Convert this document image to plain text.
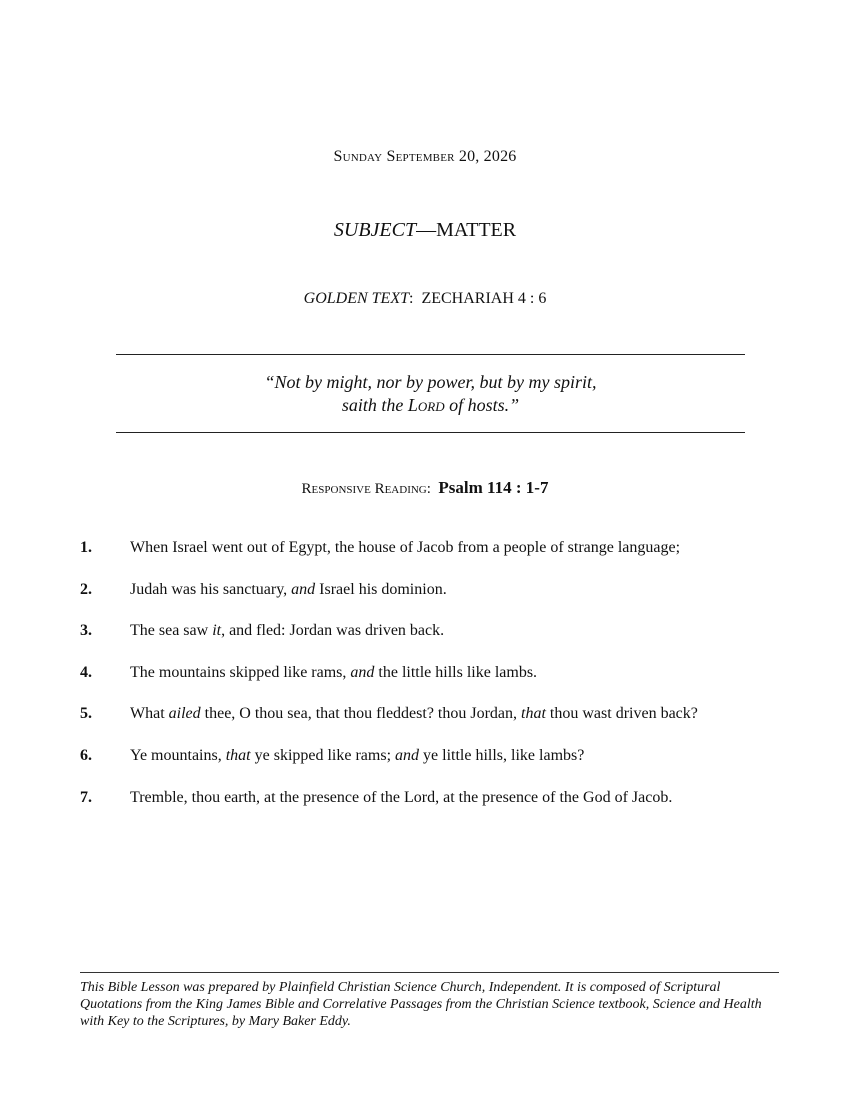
Sunday September 20, 2026
SUBJECT—MATTER
GOLDEN TEXT: ZECHARIAH 4 : 6
“Not by might, nor by power, but by my spirit,
saith the Lord of hosts.”
Responsive Reading: Psalm 114 : 1-7
1. When Israel went out of Egypt, the house of Jacob from a people of strange language;
2. Judah was his sanctuary, and Israel his dominion.
3. The sea saw it, and fled: Jordan was driven back.
4. The mountains skipped like rams, and the little hills like lambs.
5. What ailed thee, O thou sea, that thou fleddest? thou Jordan, that thou wast driven back?
6. Ye mountains, that ye skipped like rams; and ye little hills, like lambs?
7. Tremble, thou earth, at the presence of the Lord, at the presence of the God of Jacob.
This Bible Lesson was prepared by Plainfield Christian Science Church, Independent. It is composed of Scriptural Quotations from the King James Bible and Correlative Passages from the Christian Science textbook, Science and Health with Key to the Scriptures, by Mary Baker Eddy.
